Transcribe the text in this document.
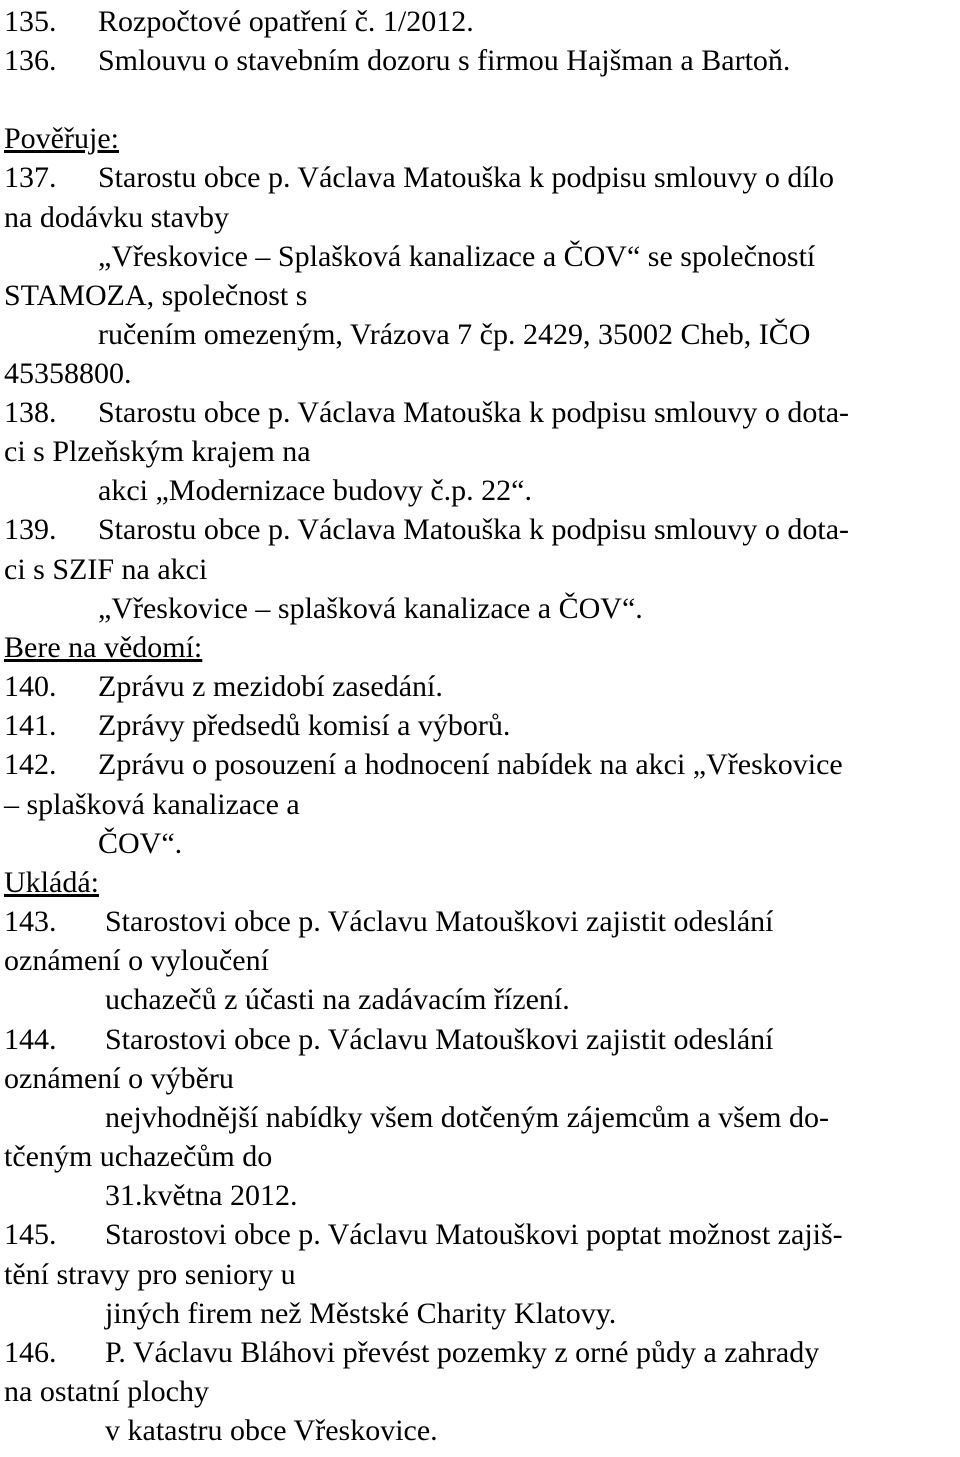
135. Rozpočtové opatření č. 1/2012.
136. Smlouvu o stavebním dozoru s firmou Hajšman a Bartoň.
Pověřuje:
137. Starostu obce p. Václava Matouška k podpisu smlouvy o dílo
na dodávku stavby
„Vřeskovice – Splašková kanalizace a ČOV“ se společností
STAMOZA, společnost s
ručením omezeným, Vrázova 7 čp. 2429, 35002 Cheb, IČO
45358800.
138. Starostu obce p. Václava Matouška k podpisu smlouvy o dota-
ci s Plzeňským krajem na
akci „Modernizace budovy č.p. 22“.
139. Starostu obce p. Václava Matouška k podpisu smlouvy o dota-
ci s SZIF na akci
„Vřeskovice – splašková kanalizace a ČOV“.
Bere na vědomí:
140. Zprávu z mezidobí zasedání.
141. Zprávy předsedů komisí a výborů.
142. Zprávu o posouzení a hodnocení nabídek na akci „Vřeskovice
– splašková kanalizace a
ČOV“.
Ukládá:
143. Starostovi obce p. Václavu Matouškovi zajistit odeslání
oznámení o vyloučení
uchazečů z účasti na zadávacím řízení.
144. Starostovi obce p. Václavu Matouškovi zajistit odeslání
oznámení o výběru
nejvhodnější nabídky všem dotčeným zájemcům a všem do-
tčeným uchazečům do
31.května 2012.
145. Starostovi obce p. Václavu Matouškovi poptat možnost zajiš-
tění stravy pro seniory u
jiných firem než Městské Charity Klatovy.
146. P. Václavu Bláhovi převést pozemky z orné půdy a zahrady
na ostatní plochy
v katastru obce Vřeskovice.
